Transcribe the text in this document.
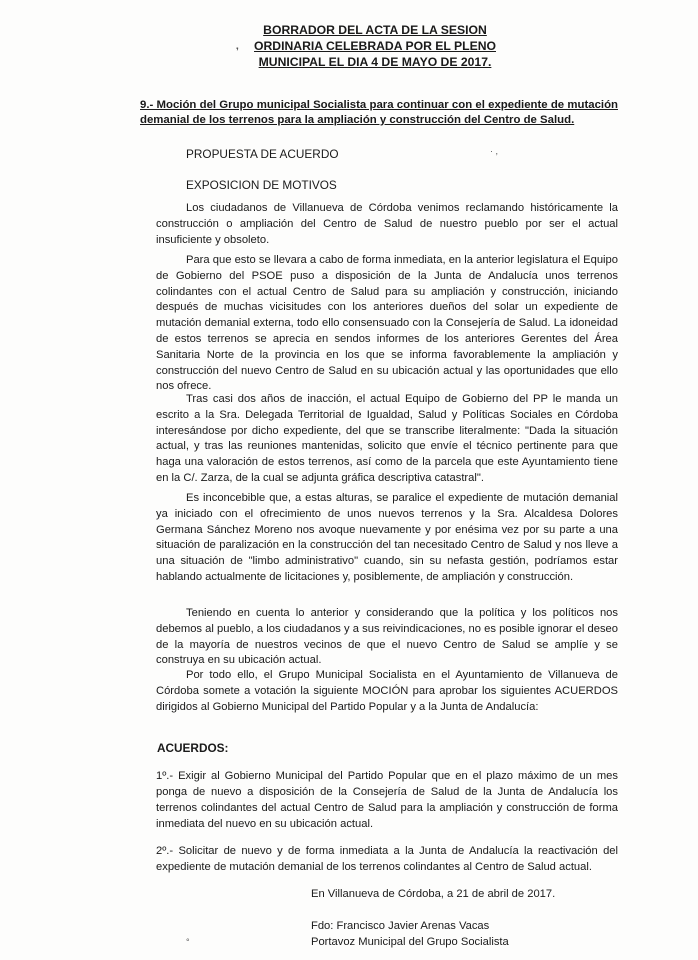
BORRADOR DEL ACTA DE LA SESION
ORDINARIA CELEBRADA POR EL PLENO
MUNICIPAL EL DIA 4 DE MAYO DE 2017.
❜
· ,
°
9.- Moción del Grupo municipal Socialista para continuar con el expediente de mutación demanial de los terrenos para la ampliación y construcción del Centro de Salud.
PROPUESTA DE ACUERDO
EXPOSICION DE MOTIVOS
Los ciudadanos de Villanueva de Córdoba venimos reclamando históricamente la construcción o ampliación del Centro de Salud de nuestro pueblo por ser el actual insuficiente y obsoleto.
Para que esto se llevara a cabo de forma inmediata, en la anterior legislatura el Equipo de Gobierno del PSOE puso a disposición de la Junta de Andalucía unos terrenos colindantes con el actual Centro de Salud para su ampliación y construcción, iniciando después de muchas vicisitudes con los anteriores dueños del solar un expediente de mutación demanial externa, todo ello consensuado con la Consejería de Salud. La idoneidad de estos terrenos se aprecia en sendos informes de los anteriores Gerentes del Área Sanitaria Norte de la provincia en los que se informa favorablemente la ampliación y construcción del nuevo Centro de Salud en su ubicación actual y las oportunidades que ello nos ofrece.
Tras casi dos años de inacción, el actual Equipo de Gobierno del PP le manda un escrito a la Sra. Delegada Territorial de Igualdad, Salud y Políticas Sociales en Córdoba interesándose por dicho expediente, del que se transcribe literalmente: "Dada la situación actual, y tras las reuniones mantenidas, solicito que envíe el técnico pertinente para que haga una valoración de estos terrenos, así como de la parcela que este Ayuntamiento tiene en la C/. Zarza, de la cual se adjunta gráfica descriptiva catastral".
Es inconcebible que, a estas alturas, se paralice el expediente de mutación demanial ya iniciado con el ofrecimiento de unos nuevos terrenos y la Sra. Alcaldesa Dolores Germana Sánchez Moreno nos avoque nuevamente y por enésima vez por su parte a una situación de paralización en la construcción del tan necesitado Centro de Salud y nos lleve a una situación de "limbo administrativo" cuando, sin su nefasta gestión, podríamos estar hablando actualmente de licitaciones y, posiblemente, de ampliación y construcción.
Teniendo en cuenta lo anterior y considerando que la política y los políticos nos debemos al pueblo, a los ciudadanos y a sus reivindicaciones, no es posible ignorar el deseo de la mayoría de nuestros vecinos de que el nuevo Centro de Salud se amplíe y se construya en su ubicación actual.
Por todo ello, el Grupo Municipal Socialista en el Ayuntamiento de Villanueva de Córdoba somete a votación la siguiente MOCIÓN para aprobar los siguientes ACUERDOS dirigidos al Gobierno Municipal del Partido Popular y a la Junta de Andalucía:
ACUERDOS:
1º.- Exigir al Gobierno Municipal del Partido Popular que en el plazo máximo de un mes ponga de nuevo a disposición de la Consejería de Salud de la Junta de Andalucía los terrenos colindantes del actual Centro de Salud para la ampliación y construcción de forma inmediata del nuevo en su ubicación actual.
2º.- Solicitar de nuevo y de forma inmediata a la Junta de Andalucía la reactivación del expediente de mutación demanial de los terrenos colindantes al Centro de Salud actual.
En Villanueva de Córdoba, a 21 de abril de 2017.
Fdo: Francisco Javier Arenas Vacas
Portavoz Municipal del Grupo Socialista
